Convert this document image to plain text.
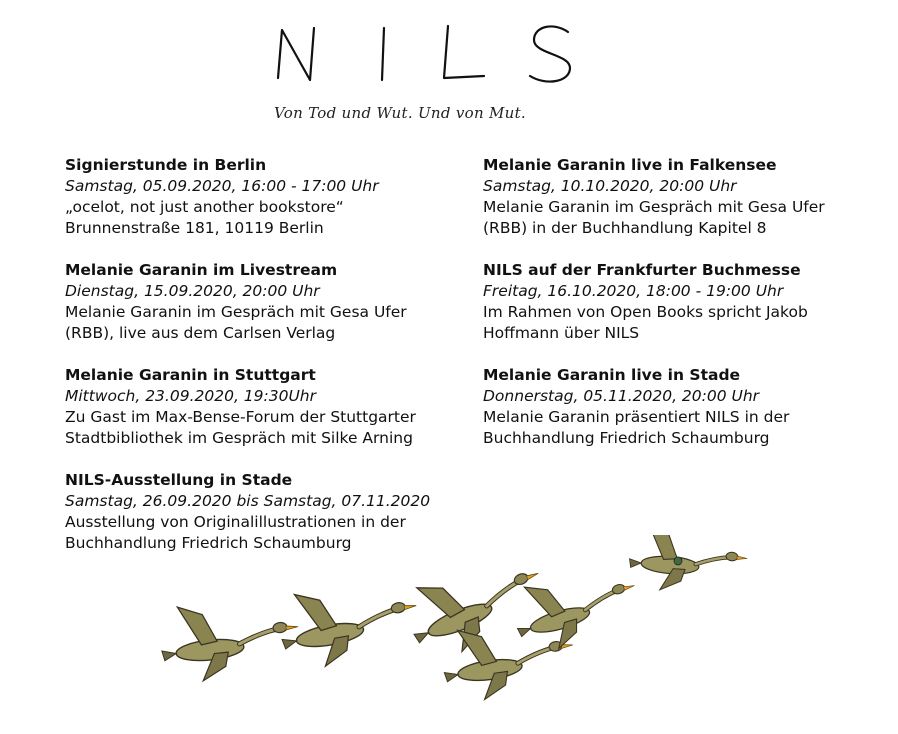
Von Tod und Wut. Und von Mut.
Signierstunde in Berlin
Samstag, 05.09.2020, 16:00 - 17:00 Uhr
„ocelot, not just another bookstore“
Brunnenstraße 181, 10119 Berlin
Melanie Garanin im Livestream
Dienstag, 15.09.2020, 20:00 Uhr
Melanie Garanin im Gespräch mit Gesa Ufer
(RBB), live aus dem Carlsen Verlag
Melanie Garanin in Stuttgart
Mittwoch, 23.09.2020, 19:30Uhr
Zu Gast im Max-Bense-Forum der Stuttgarter
Stadtbibliothek im Gespräch mit Silke Arning
NILS-Ausstellung in Stade
Samstag, 26.09.2020 bis Samstag, 07.11.2020
Ausstellung von Originalillustrationen in der
Buchhandlung Friedrich Schaumburg
Melanie Garanin live in Falkensee
Samstag, 10.10.2020, 20:00 Uhr
Melanie Garanin im Gespräch mit Gesa Ufer
(RBB) in der Buchhandlung Kapitel 8
NILS auf der Frankfurter Buchmesse
Freitag, 16.10.2020, 18:00 - 19:00 Uhr
Im Rahmen von Open Books spricht Jakob
Hoffmann über NILS
Melanie Garanin live in Stade
Donnerstag, 05.11.2020, 20:00 Uhr
Melanie Garanin präsentiert NILS in der
Buchhandlung Friedrich Schaumburg
